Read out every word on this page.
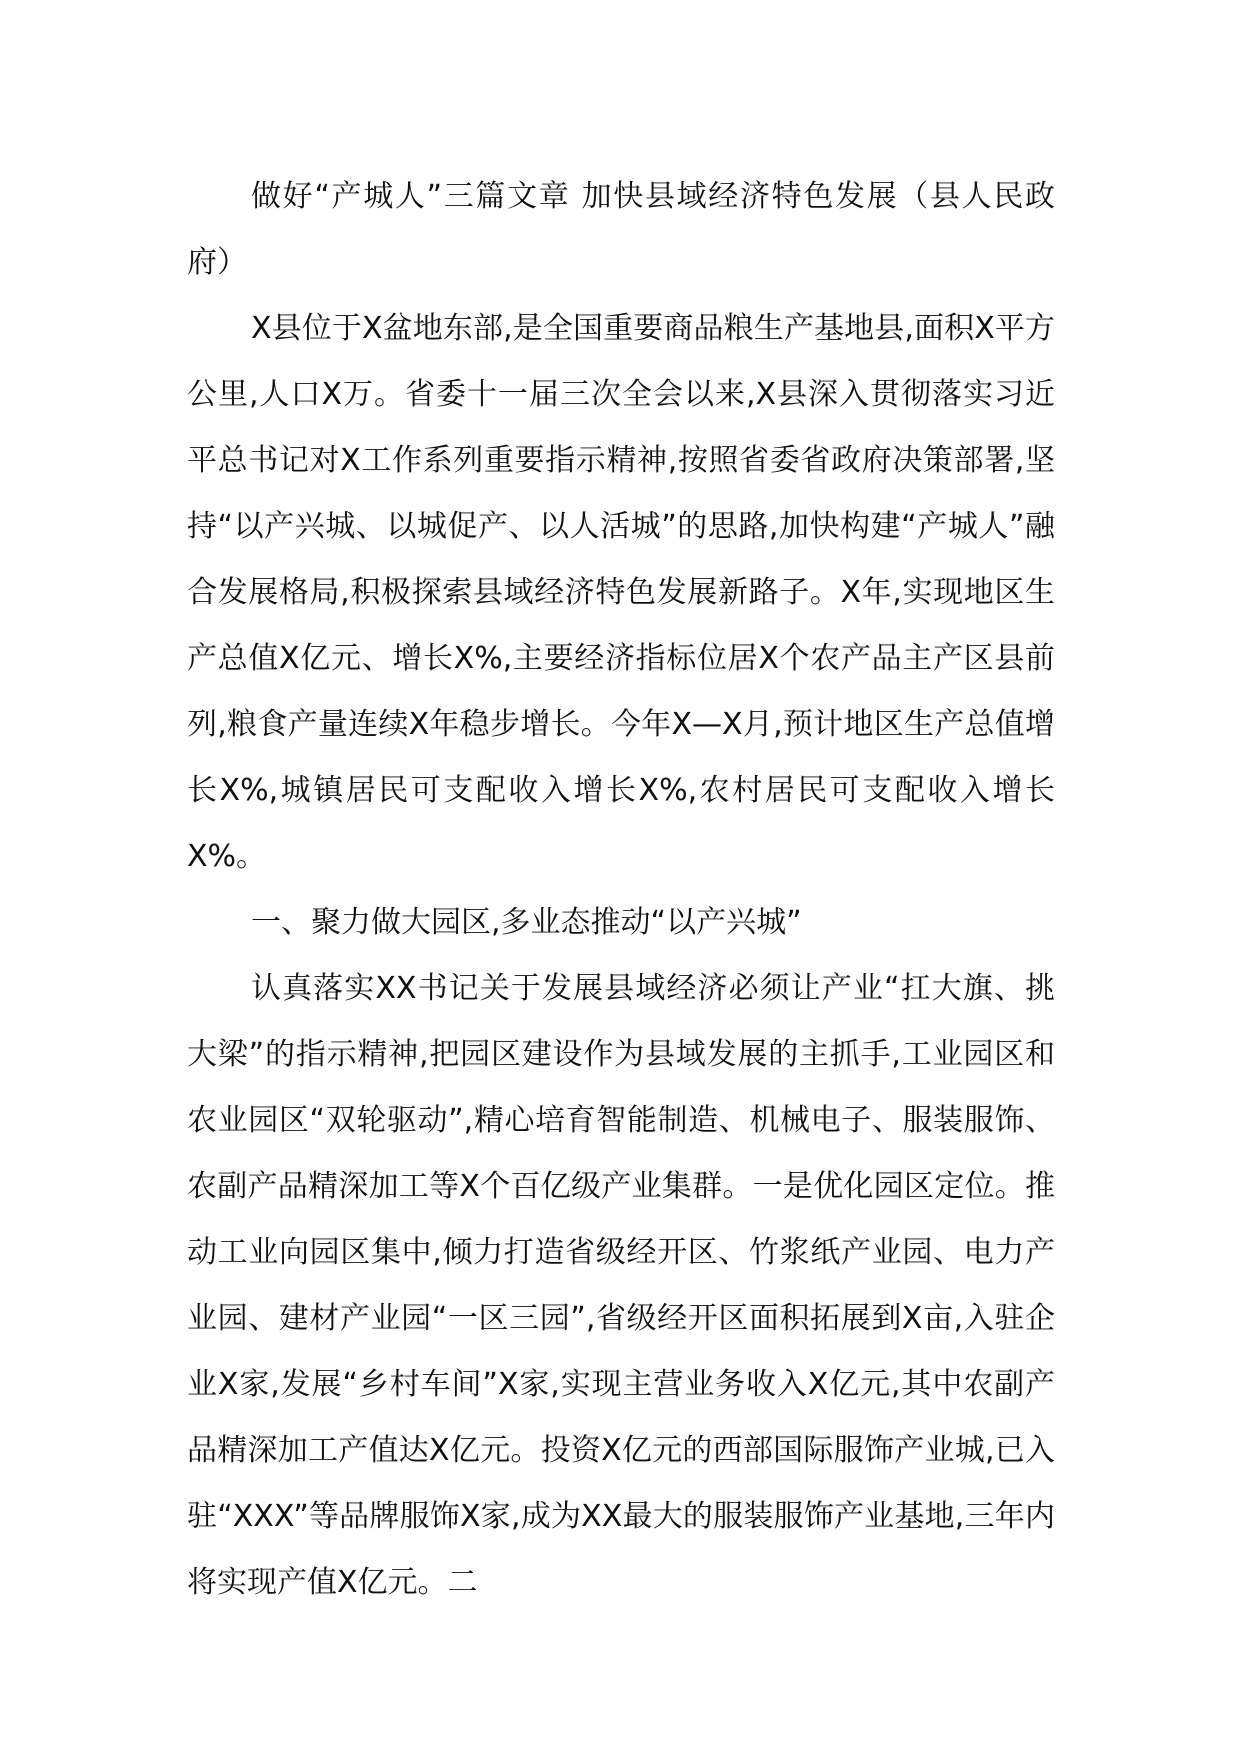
做好“产城人”三篇文章 加快县域经济特色发展（县人民政府）

X县位于X盆地东部,是全国重要商品粮生产基地县,面积X平方公里,人口X万。省委十一届三次全会以来,X县深入贯彻落实习近平总书记对X工作系列重要指示精神,按照省委省政府决策部署,坚持“以产兴城、以城促产、以人活城”的思路,加快构建“产城人”融合发展格局,积极探索县域经济特色发展新路子。X年,实现地区生产总值X亿元、增长X%,主要经济指标位居X个农产品主产区县前列,粮食产量连续X年稳步增长。今年X—X月,预计地区生产总值增长X%,城镇居民可支配收入增长X%,农村居民可支配收入增长X%。

一、聚力做大园区,多业态推动“以产兴城”

认真落实XX书记关于发展县域经济必须让产业“扛大旗、挑大梁”的指示精神,把园区建设作为县域发展的主抓手,工业园区和农业园区“双轮驱动”,精心培育智能制造、机械电子、服装服饰、农副产品精深加工等X个百亿级产业集群。一是优化园区定位。推动工业向园区集中,倾力打造省级经开区、竹浆纸产业园、电力产业园、建材产业园“一区三园”,省级经开区面积拓展到X亩,入驻企业X家,发展“乡村车间”X家,实现主营业务收入X亿元,其中农副产品精深加工产值达X亿元。投资X亿元的西部国际服饰产业城,已入驻“XXX”等品牌服饰X家,成为XX最大的服装服饰产业基地,三年内将实现产值X亿元。二
